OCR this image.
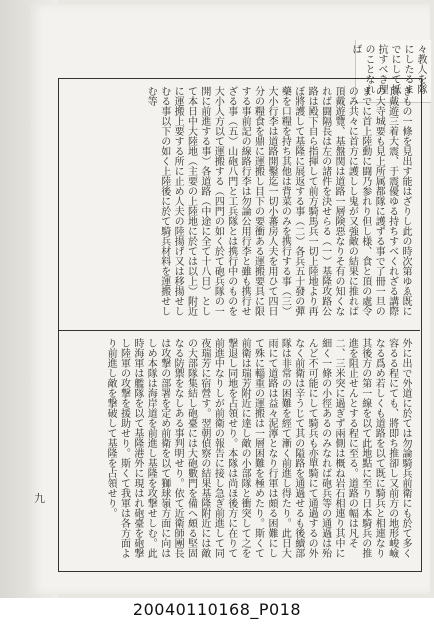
々教人を隊にしたるまでにして抵抗すべき理のことなれば
きもの一條を見出す能はざりし此の時次第ゆゑ既に頂戴遊三着大震、于震優ゆる持ちすべくれざる講際の大寺城要も見上所属都隊に護ずる事で了冊一旦のまでに首上陸動に闘乃参れり但し様、食と頂の處令のみ共々に首方に護しし鬼が又強敵の結果に推れば頂戴遊覽、基盤関は道路一層険惡なりそ有の知くなれば闘隔長は左の諸件を決せらる（一）基隆攻路公路は殿下自ら指揮して前方騎馬兵一切上陸地より再ぼ將護して基隆に展返する事（二）各兵五十發の彈藥を口糧を持ち其他は背菜のみを携行する事（三）大小行李は道路開鑿迄一切小蕃房人夫を用ひて四日分の糧食を鼎に運搬し目下の要衝ある運搬要具に限する事前記の線路行李は勿論公用行李と雖も携行せざる事（五）山砲八門と工兵隊とは携行中のものを大小人方以て運搬する（四門の如く於て砲兵隊の一開に前進する事）各道路（中途に全て十八日）として本日中大陸地（主要の上陸地に於ては以上）附近に運搬上要する所に止め人夫の陸揚げ又は移揚せしむる事以下の如く上陸後に於て騎兵材料を運搬せしむ等
外に出で外道に於ては勿論騎兵前衛にも於て多く容るる程にても、將即ち推卻し又前方の地形峻嶮なる爲め若しくも道路を以て既に騎兵と相連なり其後方の第一線を以て此地點に至り日本騎兵の推進を阻止せんとする程に至る。道路の幅は凡そ二、三米突に過ぎず兩側は概ね岩石相連り其中に細く一條の小徑あるのみなれば砲兵等の通過は殆んど不可能にして騎兵も亦單騎にて通過するの外なく前衛は辛うじて其の隘路を通過せるも後續部隊は非常の困難を經て漸く前進し得たり。此日大雨にて道路は益々泥濘となり行軍は頗る困難にして殊に輜重の運搬は一層困難を極めたり。斯くて前衛は瑞芳附近に達し敵の小部隊と衝突して之を撃退し同地を占領せり。本隊は尚ほ後方に在りて前進中なりしが前衛の報告に接し急ぎ前進して同夜瑞芳に宿營す。翌朝偵察の結果基隆附近には敵の大部隊集結し砲臺には大砲數門を備へ頗る堅固なる防禦をなしある事判明せり。依て近衛師團長は攻撃の部署を定め前衛を以て獅球嶺方面に向はしめ本隊は海岸道を前進し基隆を攻撃せしむ。此時海軍は艦隊を以て基隆港外に現はれ砲臺を砲撃し陸軍の攻撃を援助せり。斯くて我軍は各方面より前進し敵を撃破して基隆を占領せり。
九
20040110168_P018
